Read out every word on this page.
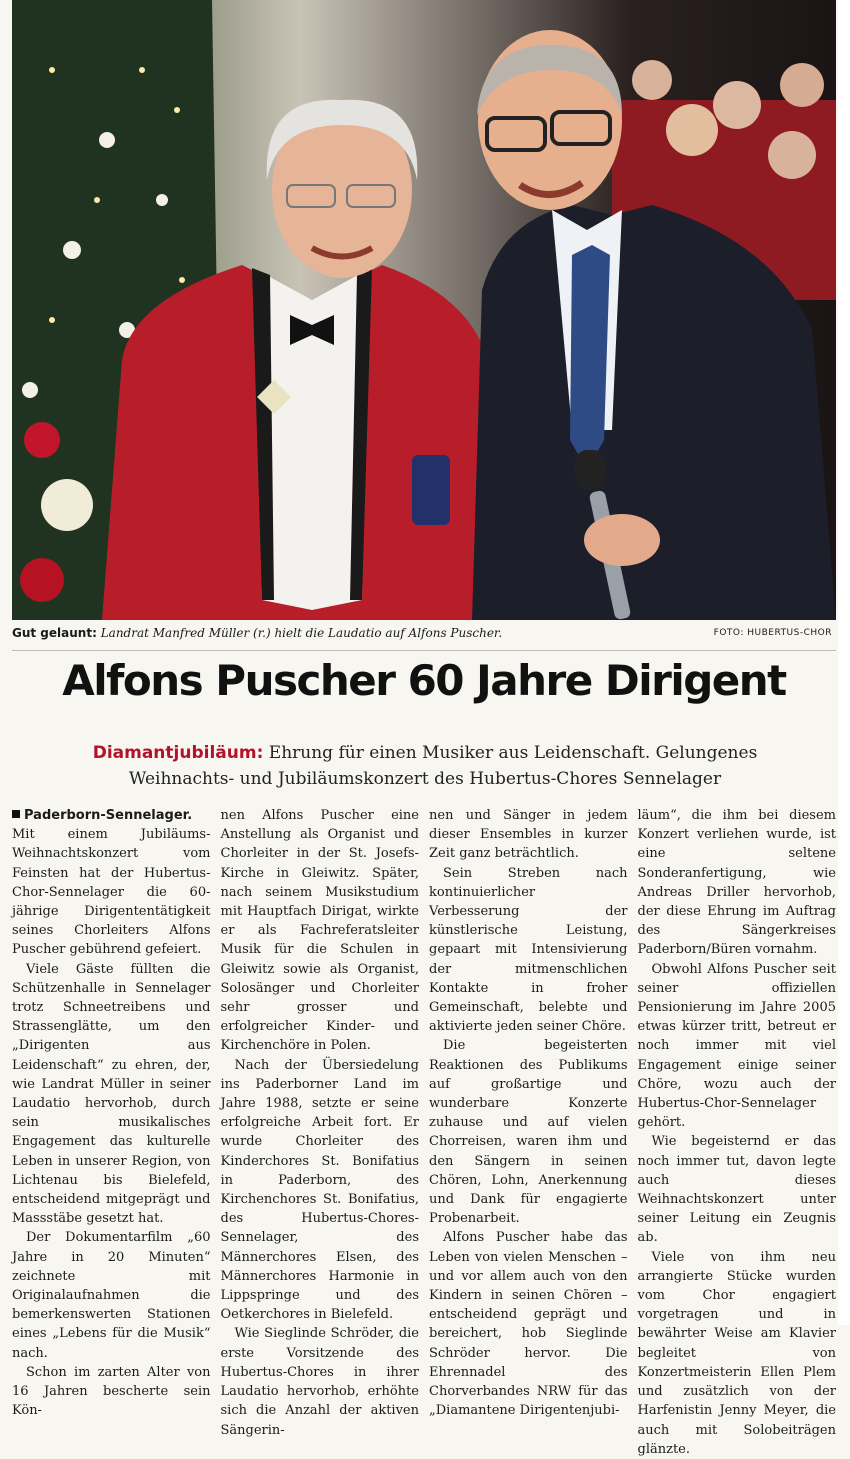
Gut gelaunt: Landrat Manfred Müller (r.) hielt die Laudatio auf Alfons Puscher.	FOTO: HUBERTUS-CHOR
Alfons Puscher 60 Jahre Dirigent
Diamantjubiläum: Ehrung für einen Musiker aus Leidenschaft. Gelungenes Weihnachts- und Jubiläumskonzert des Hubertus-Chores Sennelager

Paderborn-Sennelager. Mit einem Jubiläums-Weihnachtskonzert vom Feinsten hat der Hubertus-Chor-Sennelager die 60-jährige Dirigententätigkeit seines Chorleiters Alfons Puscher gebührend gefeiert.

Viele Gäste füllten die Schützenhalle in Sennelager trotz Schneetreibens und Strassenglätte, um den „Dirigenten aus Leidenschaft“ zu ehren, der, wie Landrat Müller in seiner Laudatio hervorhob, durch sein musikalisches Engagement das kulturelle Leben in unserer Region, von Lichtenau bis Bielefeld, entscheidend mitgeprägt und Massstäbe gesetzt hat.

Der Dokumentarfilm „60 Jahre in 20 Minuten“ zeichnete mit Originalaufnahmen die bemerkenswerten Stationen eines „Lebens für die Musik“ nach.

Schon im zarten Alter von 16 Jahren bescherte sein Kön-

nen Alfons Puscher eine Anstellung als Organist und Chorleiter in der St. Josefs-Kirche in Gleiwitz. Später, nach seinem Musikstudium mit Hauptfach Dirigat, wirkte er als Fachreferatsleiter Musik für die Schulen in Gleiwitz sowie als Organist, Solosänger und Chorleiter sehr grosser und erfolgreicher Kinder- und Kirchenchöre in Polen.

Nach der Übersiedelung ins Paderborner Land im Jahre 1988, setzte er seine erfolgreiche Arbeit fort. Er wurde Chorleiter des Kinderchores St. Bonifatius in Paderborn, des Kirchenchores St. Bonifatius, des Hubertus-Chores-Sennelager, des Männerchores Elsen, des Männerchores Harmonie in Lippspringe und des Oetkerchores in Bielefeld.

Wie Sieglinde Schröder, die erste Vorsitzende des Hubertus-Chores in ihrer Laudatio hervorhob, erhöhte sich die Anzahl der aktiven Sängerin-

nen und Sänger in jedem dieser Ensembles in kurzer Zeit ganz beträchtlich.

Sein Streben nach kontinuierlicher Verbesserung der künstlerische Leistung, gepaart mit Intensivierung der mitmenschlichen Kontakte in froher Gemeinschaft, belebte und aktivierte jeden seiner Chöre.

Die begeisterten Reaktionen des Publikums auf großartige und wunderbare Konzerte zuhause und auf vielen Chorreisen, waren ihm und den Sängern in seinen Chören, Lohn, Anerkennung und Dank für engagierte Probenarbeit.

Alfons Puscher habe das Leben von vielen Menschen – und vor allem auch von den Kindern in seinen Chören – entscheidend geprägt und bereichert, hob Sieglinde Schröder hervor. Die Ehrennadel des Chorverbandes NRW für das „Diamantene Dirigentenjubi-

läum“, die ihm bei diesem Konzert verliehen wurde, ist eine seltene Sonderanfertigung, wie Andreas Driller hervorhob, der diese Ehrung im Auftrag des Sängerkreises Paderborn/Büren vornahm.

Obwohl Alfons Puscher seit seiner offiziellen Pensionierung im Jahre 2005 etwas kürzer tritt, betreut er noch immer mit viel Engagement einige seiner Chöre, wozu auch der Hubertus-Chor-Sennelager gehört.

Wie begeisternd er das noch immer tut, davon legte auch dieses Weihnachtskonzert unter seiner Leitung ein Zeugnis ab.

Viele von ihm neu arrangierte Stücke wurden vom Chor engagiert vorgetragen und in bewährter Weise am Klavier begleitet von Konzertmeisterin Ellen Plem und zusätzlich von der Harfenistin Jenny Meyer, die auch mit Solobeiträgen glänzte.
